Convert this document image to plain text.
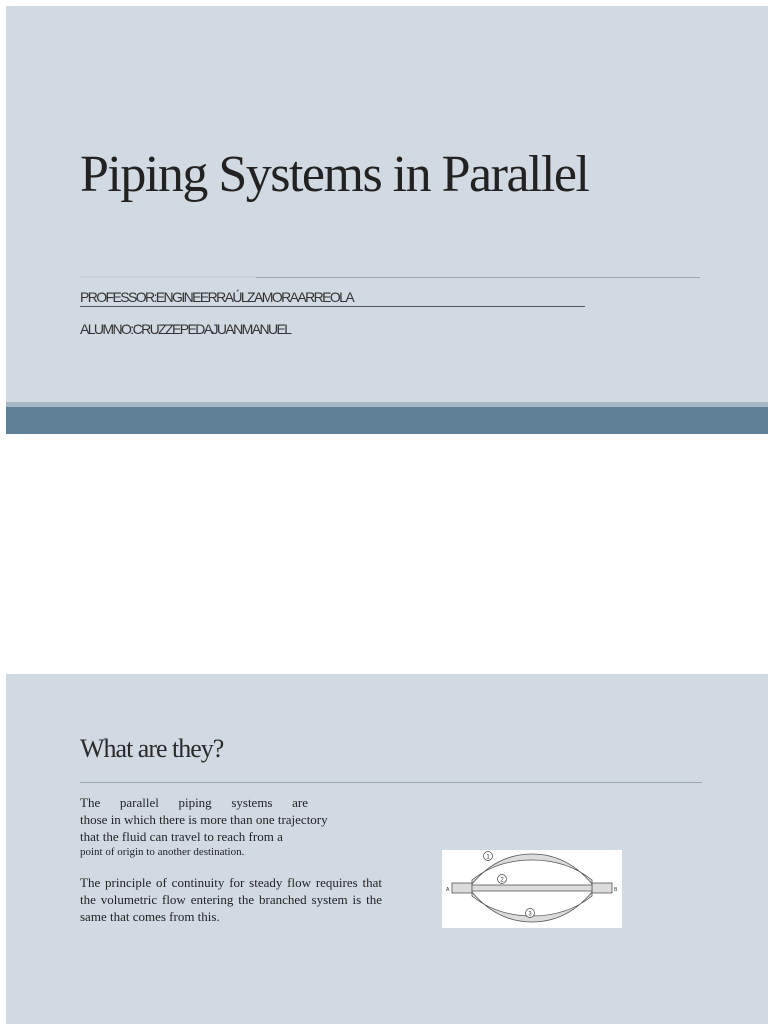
Piping Systems in Parallel
PROFESSOR:ENGINEERRAÚLZAMORAARREOLA
ALUMNO:CRUZZEPEDAJUANMANUEL
What are they?
The parallel piping systems are
those in which there is more than one trajectory
that the fluid can travel to reach from a
point of origin to another destination.

The principle of continuity for steady flow requires that the volumetric flow entering the branched system is the same that comes from this.

1
2
3
A	B
